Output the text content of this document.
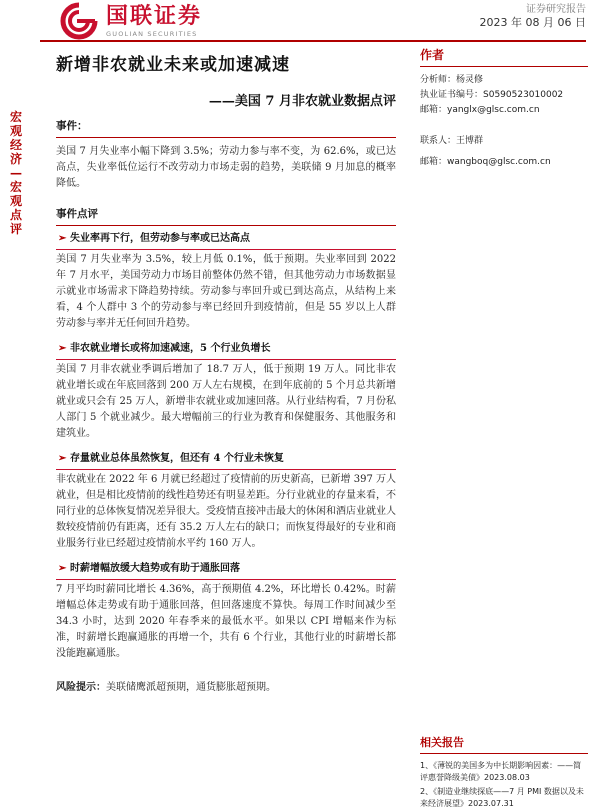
宏观经济—宏观点评
国联证券
GUOLIAN SECURITIES
证券研究报告
2023 年 08 月 06 日
新增非农就业未来或加速减速
——美国 7 月非农就业数据点评
事件：

美国 7 月失业率小幅下降到 3.5%；劳动力参与率不变，为 62.6%，或已达高点，失业率低位运行不改劳动力市场走弱的趋势，美联储 9 月加息的概率降低。

事件点评
➢ 失业率再下行，但劳动参与率或已达高点

美国 7 月失业率为 3.5%，较上月低 0.1%，低于预期。失业率回到 2022 年 7 月水平，美国劳动力市场目前整体仍然不错，但其他劳动力市场数据显示就业市场需求下降趋势持续。劳动参与率回升或已到达高点，从结构上来看，4 个人群中 3 个的劳动参与率已经回升到疫情前，但是 55 岁以上人群劳动参与率并无任何回升趋势。

➢ 非农就业增长或将加速减速，5 个行业负增长

美国 7 月非农就业季调后增加了 18.7 万人，低于预期 19 万人。同比非农就业增长或在年底回落到 200 万人左右规模，在到年底前的 5 个月总共新增就业或只会有 25 万人，新增非农就业或加速回落。从行业结构看，7 月份私人部门 5 个就业减少。最大增幅前三的行业为教育和保健服务、其他服务和建筑业。

➢ 存量就业总体虽然恢复，但还有 4 个行业未恢复

非农就业在 2022 年 6 月就已经超过了疫情前的历史新高，已新增 397 万人就业，但是相比疫情前的线性趋势还有明显差距。分行业就业的存量来看，不同行业的总体恢复情况差异很大。受疫情直接冲击最大的休闲和酒店业就业人数较疫情前仍有距离，还有 35.2 万人左右的缺口；而恢复得最好的专业和商业服务行业已经超过疫情前水平约 160 万人。

➢ 时薪增幅放缓大趋势或有助于通胀回落

7 月平均时薪同比增长 4.36%，高于预期值 4.2%，环比增长 0.42%。时薪增幅总体走势或有助于通胀回落，但回落速度不算快。每周工作时间减少至 34.3 小时，达到 2020 年春季来的最低水平。如果以 CPI 增幅来作为标准，时薪增长跑赢通胀的再增一个，共有 6 个行业，其他行业的时薪增长都没能跑赢通胀。

风险提示：美联储鹰派超预期，通货膨胀超预期。

作者
分析师：杨灵修
执业证书编号：S0590523010002
邮箱：yanglx@glsc.com.cn
联系人：王博群
邮箱：wangboq@glsc.com.cn
相关报告
1、《薄锐的美国多为中长期影响因素：——简评惠誉降级美债》2023.08.03
2、《制造业继续探底——7 月 PMI 数据以及未来经济展望》2023.07.31
